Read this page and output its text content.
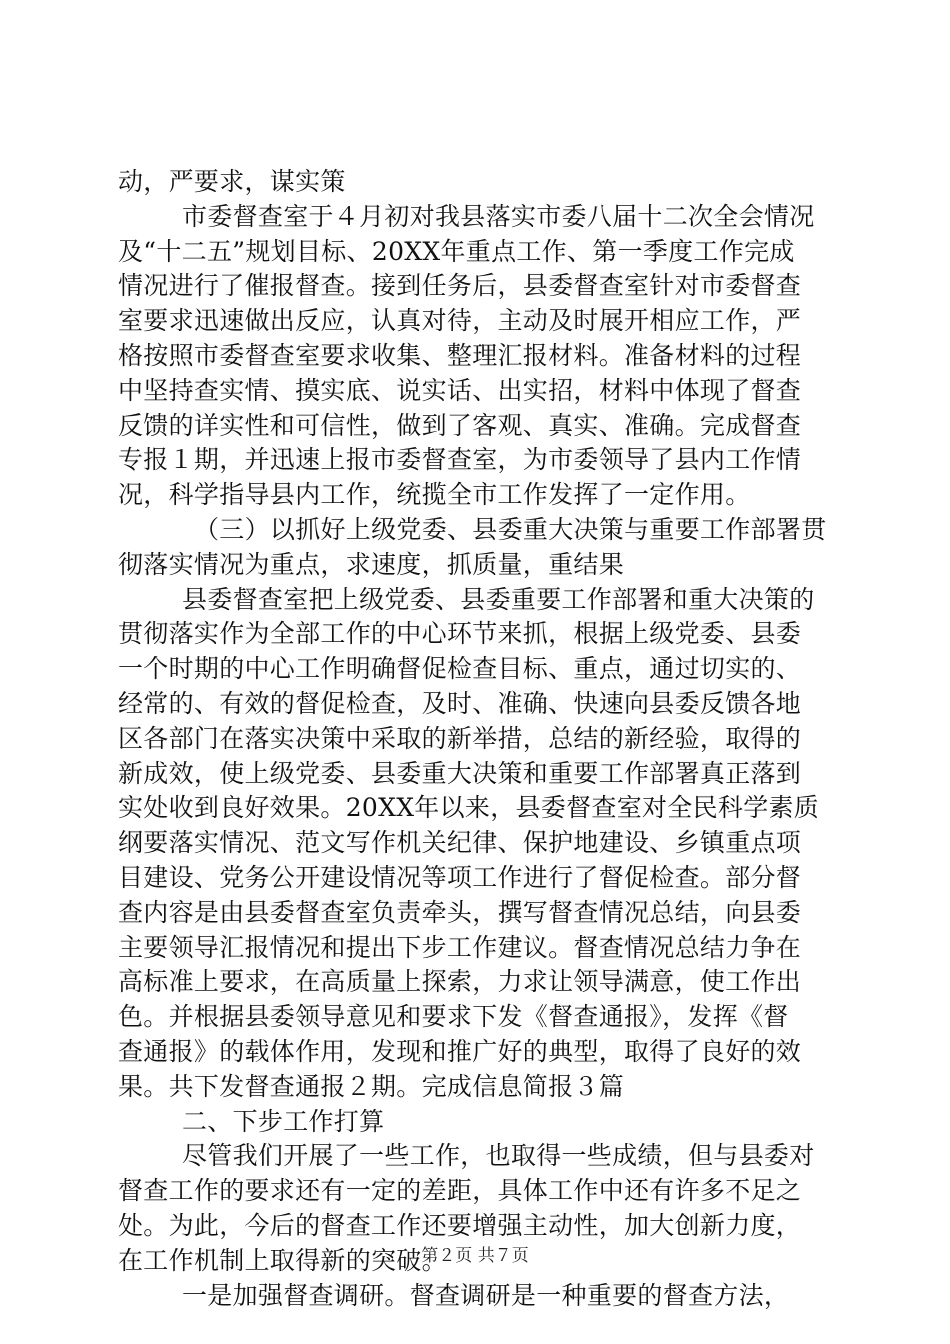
动，严要求，谋实策
市委督查室于４月初对我县落实市委八届十二次全会情况
及“十二五”规划目标、20XX年重点工作、第一季度工作完成
情况进行了催报督查。接到任务后，县委督查室针对市委督查
室要求迅速做出反应，认真对待，主动及时展开相应工作，严
格按照市委督查室要求收集、整理汇报材料。准备材料的过程
中坚持查实情、摸实底、说实话、出实招，材料中体现了督查
反馈的详实性和可信性，做到了客观、真实、准确。完成督查
专报１期，并迅速上报市委督查室，为市委领导了县内工作情
况，科学指导县内工作，统揽全市工作发挥了一定作用。
（三）以抓好上级党委、县委重大决策与重要工作部署贯
彻落实情况为重点，求速度，抓质量，重结果
县委督查室把上级党委、县委重要工作部署和重大决策的
贯彻落实作为全部工作的中心环节来抓，根据上级党委、县委
一个时期的中心工作明确督促检查目标、重点，通过切实的、
经常的、有效的督促检查，及时、准确、快速向县委反馈各地
区各部门在落实决策中采取的新举措，总结的新经验，取得的
新成效，使上级党委、县委重大决策和重要工作部署真正落到
实处收到良好效果。20XX年以来，县委督查室对全民科学素质
纲要落实情况、范文写作机关纪律、保护地建设、乡镇重点项
目建设、党务公开建设情况等项工作进行了督促检查。部分督
查内容是由县委督查室负责牵头，撰写督查情况总结，向县委
主要领导汇报情况和提出下步工作建议。督查情况总结力争在
高标准上要求，在高质量上探索，力求让领导满意，使工作出
色。并根据县委领导意见和要求下发《督查通报》，发挥《督
查通报》的载体作用，发现和推广好的典型，取得了良好的效
果。共下发督查通报２期。完成信息简报３篇
二、下步工作打算
尽管我们开展了一些工作，也取得一些成绩，但与县委对
督查工作的要求还有一定的差距，具体工作中还有许多不足之
处。为此，今后的督查工作还要增强主动性，加大创新力度，
在工作机制上取得新的突破。
一是加强督查调研。督查调研是一种重要的督查方法，
第２页 共７页
